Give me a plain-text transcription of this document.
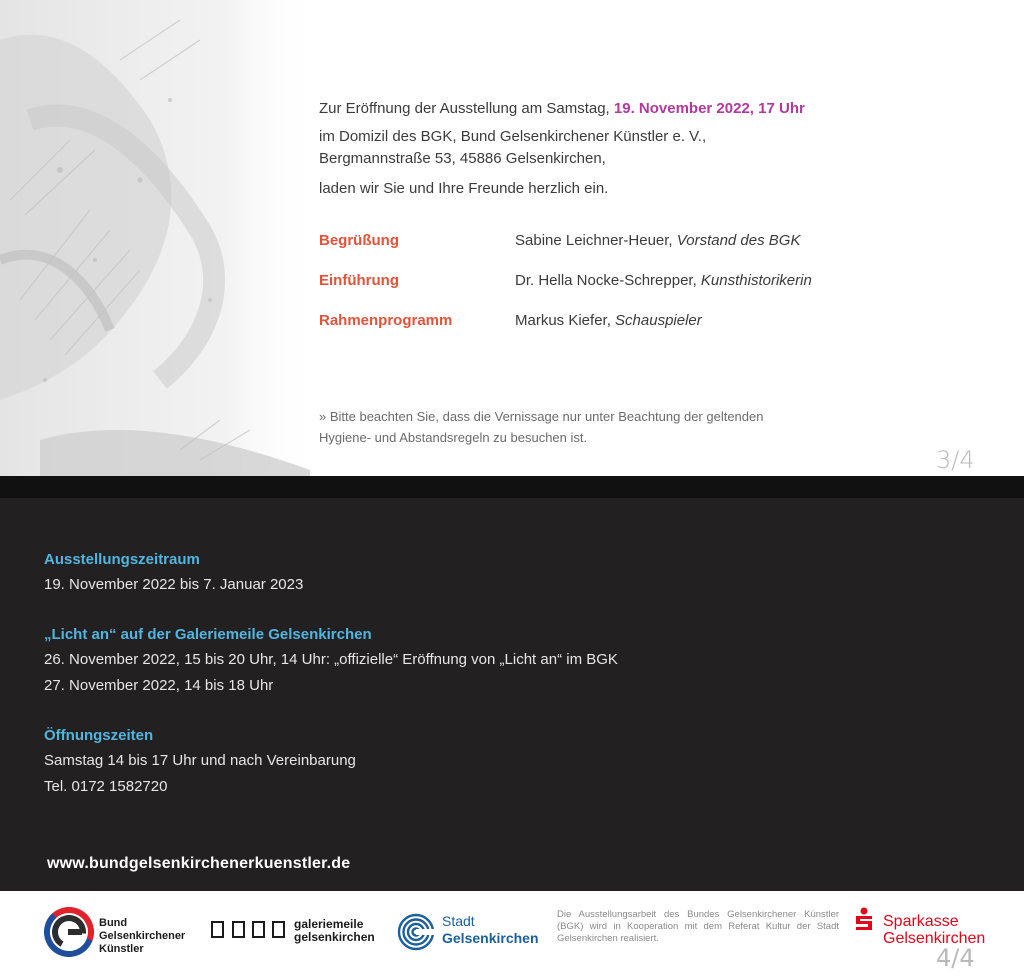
Zur Eröffnung der Ausstellung am Samstag, 19. November 2022, 17 Uhr
im Domizil des BGK, Bund Gelsenkirchener Künstler e. V.,
Bergmannstraße 53, 45886 Gelsenkirchen,
laden wir Sie und Ihre Freunde herzlich ein.
Begrüßung	Sabine Leichner-Heuer, Vorstand des BGK
Einführung	Dr. Hella Nocke-Schrepper, Kunsthistorikerin
Rahmenprogramm	Markus Kiefer, Schauspieler
» Bitte beachten Sie, dass die Vernissage nur unter Beachtung der geltenden
Hygiene- und Abstandsregeln zu besuchen ist.
3/4
Ausstellungszeitraum
19. November 2022 bis 7. Januar 2023
„Licht an“ auf der Galeriemeile Gelsenkirchen
26. November 2022, 15 bis 20 Uhr, 14 Uhr: „offizielle“ Eröffnung von „Licht an“ im BGK
27. November 2022, 14 bis 18 Uhr
Öffnungszeiten
Samstag 14 bis 17 Uhr und nach Vereinbarung
Tel. 0172 1582720
www.bundgelsenkirchenerkuenstler.de
Bund
Gelsenkirchener
Künstler
galeriemeile
gelsenkirchen
Stadt
Gelsenkirchen
Die Ausstellungsarbeit des Bundes Gelsenkirchener Künstler (BGK) wird in Kooperation mit dem Referat Kultur der Stadt Gelsenkirchen realisiert.
Sparkasse
Gelsenkirchen
4/4
